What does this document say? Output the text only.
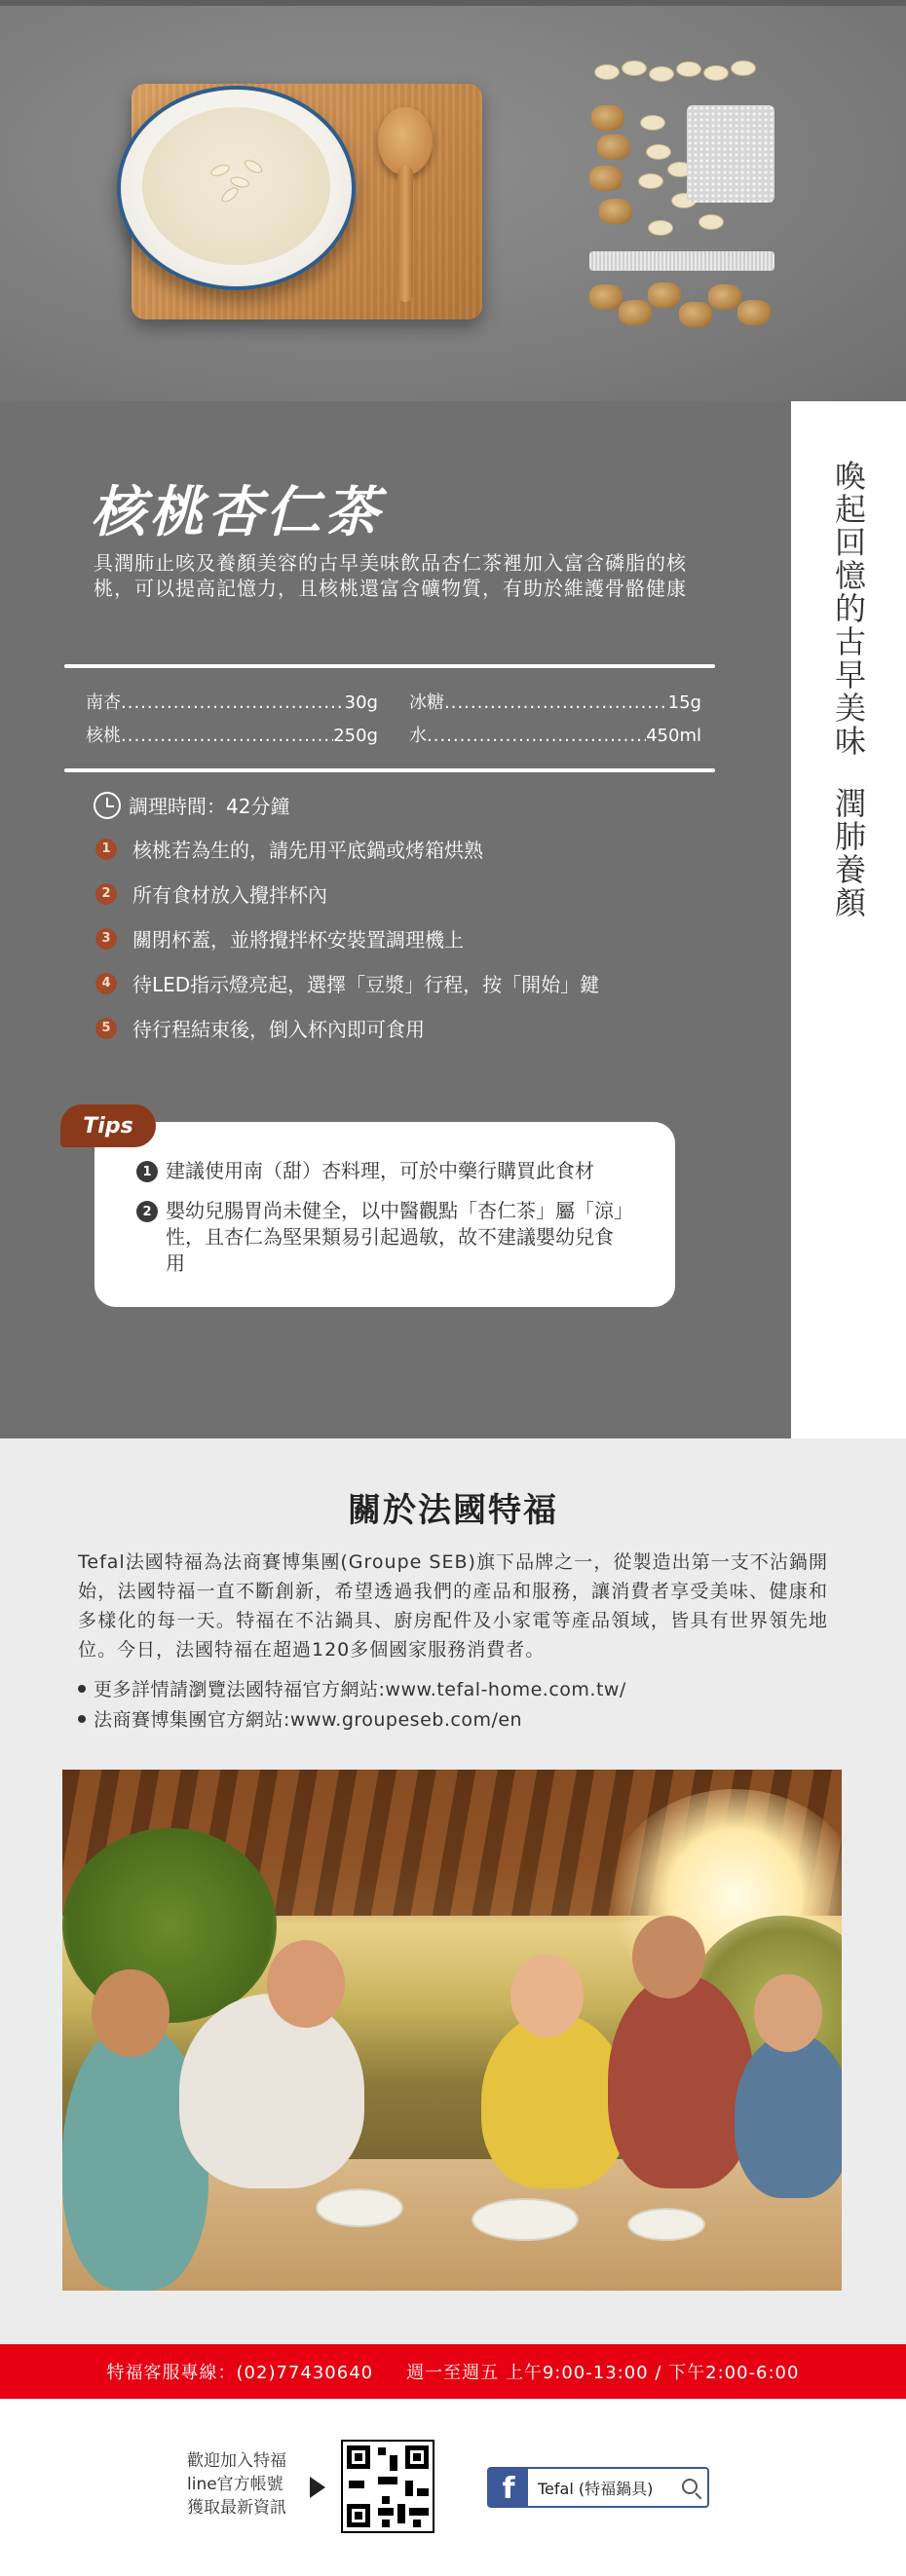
核桃杏仁茶
具潤肺止咳及養顏美容的古早美味飲品杏仁茶裡加入富含磷脂的核桃，可以提高記憶力，且核桃還富含礦物質，有助於維護骨骼健康
南杏 .....	30g 冰糖 .....	15g
核桃 .....	250g 水 .....	450ml
調理時間：42分鐘
1	核桃若為生的，請先用平底鍋或烤箱烘熟
2	所有食材放入攪拌杯內
3	關閉杯蓋，並將攪拌杯安裝置調理機上
4	待LED指示燈亮起，選擇「豆漿」行程，按「開始」鍵
5	待行程結束後，倒入杯內即可食用
Tips
1 建議使用南（甜）杏料理，可於中藥行購買此食材
2 嬰幼兒腸胃尚未健全，以中醫觀點「杏仁茶」屬「涼」性，且杏仁為堅果類易引起過敏，故不建議嬰幼兒食用
喚起回憶的古早美味潤肺養顏
關於法國特福
Tefal法國特福為法商賽博集團(Groupe SEB)旗下品牌之一，從製造出第一支不沾鍋開始，法國特福一直不斷創新，希望透過我們的產品和服務，讓消費者享受美味、健康和多樣化的每一天。特福在不沾鍋具、廚房配件及小家電等產品領域，皆具有世界領先地位。今日，法國特福在超過120多個國家服務消費者。
更多詳情請瀏覽法國特福官方網站:www.tefal-home.com.tw/
法商賽博集團官方網站:www.groupeseb.com/en
特福客服專線：(02)77430640 週一至週五 上午9:00-13:00 / 下午2:00-6:00
歡迎加入特福
line官方帳號
獲取最新資訊
f	Tefal (特福鍋具)
